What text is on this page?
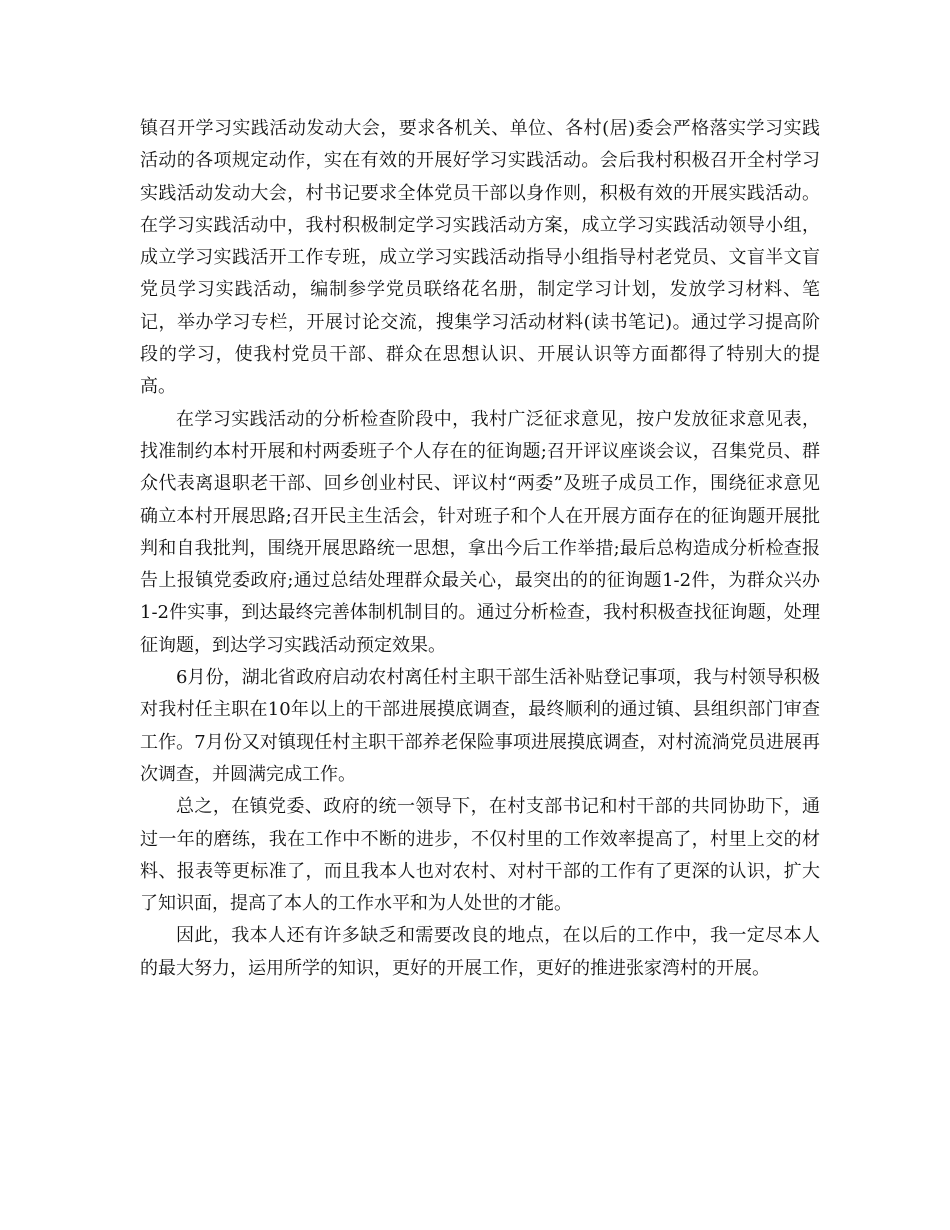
镇召开学习实践活动发动大会，要求各机关、单位、各村(居)委会严格落实学习实践活动的各项规定动作，实在有效的开展好学习实践活动。会后我村积极召开全村学习实践活动发动大会，村书记要求全体党员干部以身作则，积极有效的开展实践活动。在学习实践活动中，我村积极制定学习实践活动方案，成立学习实践活动领导小组，成立学习实践活开工作专班，成立学习实践活动指导小组指导村老党员、文盲半文盲党员学习实践活动，编制参学党员联络花名册，制定学习计划，发放学习材料、笔记，举办学习专栏，开展讨论交流，搜集学习活动材料(读书笔记)。通过学习提高阶段的学习，使我村党员干部、群众在思想认识、开展认识等方面都得了特别大的提高。

在学习实践活动的分析检查阶段中，我村广泛征求意见，按户发放征求意见表，找准制约本村开展和村两委班子个人存在的征询题;召开评议座谈会议，召集党员、群众代表离退职老干部、回乡创业村民、评议村“两委”及班子成员工作，围绕征求意见确立本村开展思路;召开民主生活会，针对班子和个人在开展方面存在的征询题开展批判和自我批判，围绕开展思路统一思想，拿出今后工作举措;最后总构造成分析检查报告上报镇党委政府;通过总结处理群众最关心，最突出的的征询题1-2件，为群众兴办1-2件实事，到达最终完善体制机制目的。通过分析检查，我村积极查找征询题，处理征询题，到达学习实践活动预定效果。

6月份，湖北省政府启动农村离任村主职干部生活补贴登记事项，我与村领导积极对我村任主职在10年以上的干部进展摸底调查，最终顺利的通过镇、县组织部门审查工作。7月份又对镇现任村主职干部养老保险事项进展摸底调查，对村流淌党员进展再次调查，并圆满完成工作。

总之，在镇党委、政府的统一领导下，在村支部书记和村干部的共同协助下，通过一年的磨练，我在工作中不断的进步，不仅村里的工作效率提高了，村里上交的材料、报表等更标准了，而且我本人也对农村、对村干部的工作有了更深的认识，扩大了知识面，提高了本人的工作水平和为人处世的才能。

因此，我本人还有许多缺乏和需要改良的地点，在以后的工作中，我一定尽本人的最大努力，运用所学的知识，更好的开展工作，更好的推进张家湾村的开展。
